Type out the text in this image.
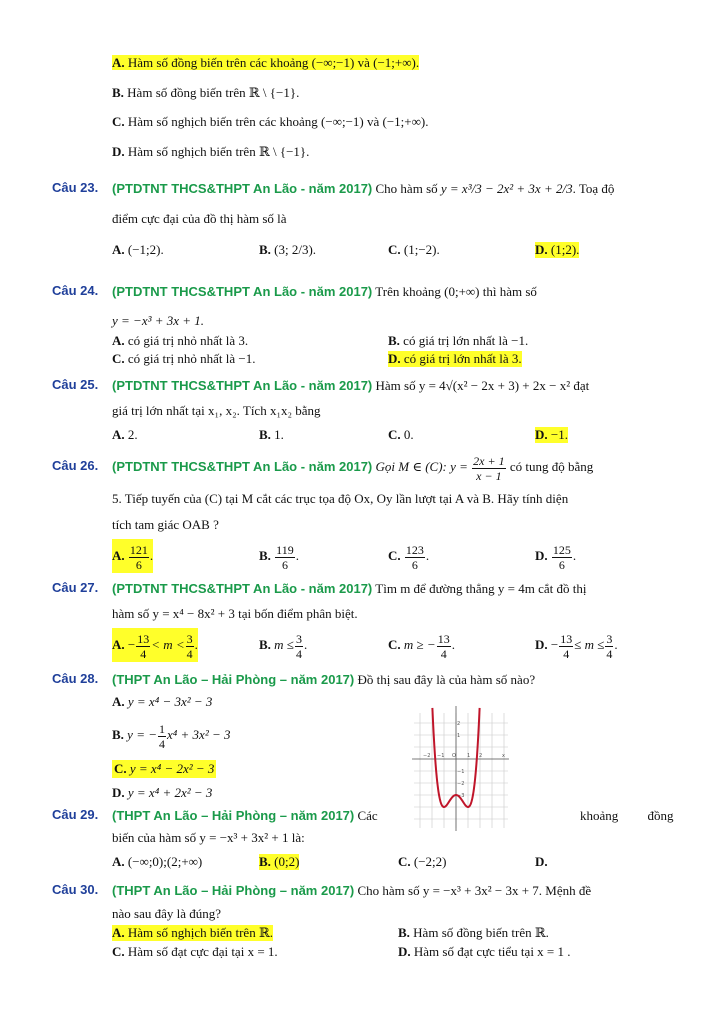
A. Hàm số đồng biến trên các khoảng (−∞;−1) và (−1;+∞).
B. Hàm số đồng biến trên ℝ \ {−1}.
C. Hàm số nghịch biến trên các khoảng (−∞;−1) và (−1;+∞).
D. Hàm số nghịch biến trên ℝ \ {−1}.
Câu 23. (PTDTNT THCS&THPT An Lão - năm 2017) Cho hàm số y = x³/3 − 2x² + 3x + 2/3. Toạ độ
điểm cực đại của đồ thị hàm số là
A. (−1;2).	B. (3; 2/3).	C. (1;−2).	D. (1;2).
Câu 24. (PTDTNT THCS&THPT An Lão - năm 2017) Trên khoảng (0;+∞) thì hàm số
y = −x³ + 3x + 1.
A. có giá trị nhỏ nhất là 3.	B. có giá trị lớn nhất là −1.
C. có giá trị nhỏ nhất là −1.	D. có giá trị lớn nhất là 3.
Câu 25. (PTDTNT THCS&THPT An Lão - năm 2017) Hàm số y = 4√(x² − 2x + 3) + 2x − x² đạt
giá trị lớn nhất tại x₁, x₂. Tích x₁x₂ bằng
A. 2.	B. 1.	C. 0.	D. −1.
Câu 26. (PTDTNT THCS&THPT An Lão - năm 2017) Gọi M ∈ (C): $y = \frac{2x + 1}{x - 1}$ có tung độ bằng
5. Tiếp tuyến của (C) tại M cắt các trục tọa độ Ox, Oy lần lượt tại A và B. Hãy tính diện
tích tam giác OAB ?
A. $\frac{121}{6}$ .	B. $\frac{119}{6}$ .	C. $\frac{123}{6}$ .	D. $\frac{125}{6}$ .
Câu 27. (PTDTNT THCS&THPT An Lão - năm 2017) Tìm m để đường thẳng y = 4m cắt đồ thị
hàm số y = x⁴ − 8x² + 3 tại bốn điểm phân biệt.
A. − $\frac{13}{4} < m < \frac{3}{4}$ .	B. $m \le \frac{3}{4}$ .	C. m ≥ − $\frac{13}{4}$ .	D. − $\frac{13}{4} \le m \le \frac{3}{4}$ .
Câu 28. (THPT An Lão – Hải Phòng – năm 2017) Đồ thị sau đây là của hàm số nào?
A. y = x⁴ − 3x² − 3
B. y = − $\frac{1}{4} x^4 + 3x^2 - 3$
C. y = x⁴ − 2x² − 3
D. y = x⁴ + 2x² − 3
2
1
−1
−2
−3
−2 −1 O 1 2	x
Câu 29. (THPT An Lão – Hải Phòng – năm 2017) Các	khoảng đồng
biến của hàm số y = −x³ + 3x² + 1 là:
A. (−∞;0);(2;+∞)	B. (0;2)	C. (−2;2)	D.
Câu 30. (THPT An Lão – Hải Phòng – năm 2017) Cho hàm số y = −x³ + 3x² − 3x + 7. Mệnh đề
nào sau đây là đúng?
A. Hàm số nghịch biến trên ℝ.	B. Hàm số đồng biến trên ℝ.
C. Hàm số đạt cực đại tại x = 1.	D. Hàm số đạt cực tiểu tại x = 1 .
